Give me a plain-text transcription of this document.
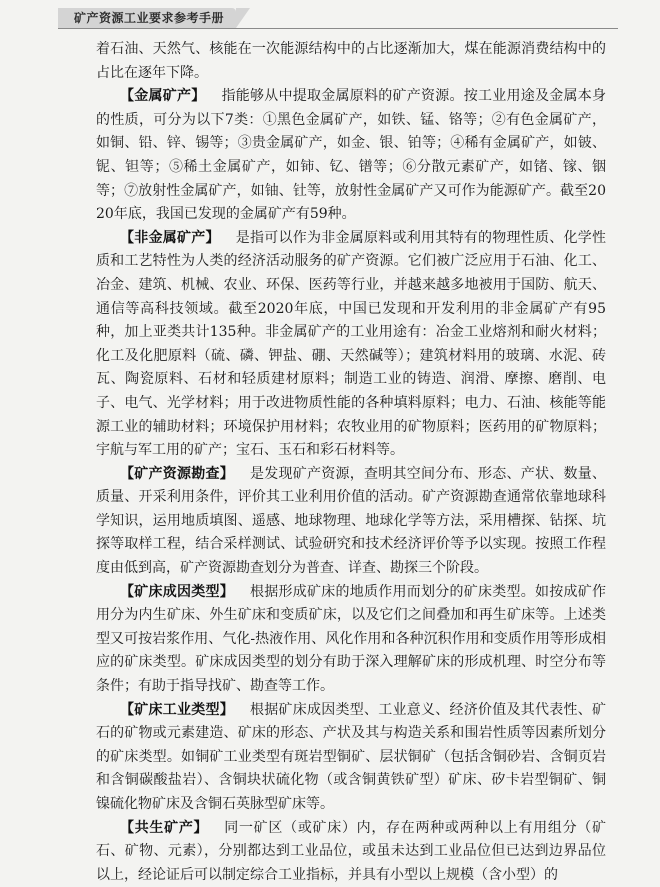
矿产资源工业要求参考手册

着石油、天然气、核能在一次能源结构中的占比逐渐加大，煤在能源消费结构中的占比在逐年下降。

【金属矿产】 指能够从中提取金属原料的矿产资源。按工业用途及金属本身的性质，可分为以下7类：①黑色金属矿产，如铁、锰、铬等；②有色金属矿产，如铜、铅、锌、锡等；③贵金属矿产，如金、银、铂等；④稀有金属矿产，如铍、铌、钽等；⑤稀土金属矿产，如铈、钇、镨等；⑥分散元素矿产，如锗、镓、铟等；⑦放射性金属矿产，如铀、钍等，放射性金属矿产又可作为能源矿产。截至2020年底，我国已发现的金属矿产有59种。

【非金属矿产】 是指可以作为非金属原料或利用其特有的物理性质、化学性质和工艺特性为人类的经济活动服务的矿产资源。它们被广泛应用于石油、化工、冶金、建筑、机械、农业、环保、医药等行业，并越来越多地被用于国防、航天、通信等高科技领域。截至2020年底，中国已发现和开发利用的非金属矿产有95种，加上亚类共计135种。非金属矿产的工业用途有：冶金工业熔剂和耐火材料；化工及化肥原料（硫、磷、钾盐、硼、天然碱等）；建筑材料用的玻璃、水泥、砖瓦、陶瓷原料、石材和轻质建材原料；制造工业的铸造、润滑、摩擦、磨削、电子、电气、光学材料；用于改进物质性能的各种填料原料；电力、石油、核能等能源工业的辅助材料；环境保护用材料；农牧业用的矿物原料；医药用的矿物原料；宇航与军工用的矿产；宝石、玉石和彩石材料等。

【矿产资源勘查】 是发现矿产资源，查明其空间分布、形态、产状、数量、质量、开采利用条件，评价其工业利用价值的活动。矿产资源勘查通常依靠地球科学知识，运用地质填图、遥感、地球物理、地球化学等方法，采用槽探、钻探、坑探等取样工程，结合采样测试、试验研究和技术经济评价等予以实现。按照工作程度由低到高，矿产资源勘查划分为普查、详查、勘探三个阶段。

【矿床成因类型】 根据形成矿床的地质作用而划分的矿床类型。如按成矿作用分为内生矿床、外生矿床和变质矿床，以及它们之间叠加和再生矿床等。上述类型又可按岩浆作用、气化-热液作用、风化作用和各种沉积作用和变质作用等形成相应的矿床类型。矿床成因类型的划分有助于深入理解矿床的形成机理、时空分布等条件；有助于指导找矿、勘查等工作。

【矿床工业类型】 根据矿床成因类型、工业意义、经济价值及其代表性、矿石的矿物或元素建造、矿床的形态、产状及其与构造关系和围岩性质等因素所划分的矿床类型。如铜矿工业类型有斑岩型铜矿、层状铜矿（包括含铜砂岩、含铜页岩和含铜碳酸盐岩）、含铜块状硫化物（或含铜黄铁矿型）矿床、矽卡岩型铜矿、铜镍硫化物矿床及含铜石英脉型矿床等。

【共生矿产】 同一矿区（或矿床）内，存在两种或两种以上有用组分（矿石、矿物、元素），分别都达到工业品位，或虽未达到工业品位但已达到边界品位以上，经论证后可以制定综合工业指标，并具有小型以上规模（含小型）的
